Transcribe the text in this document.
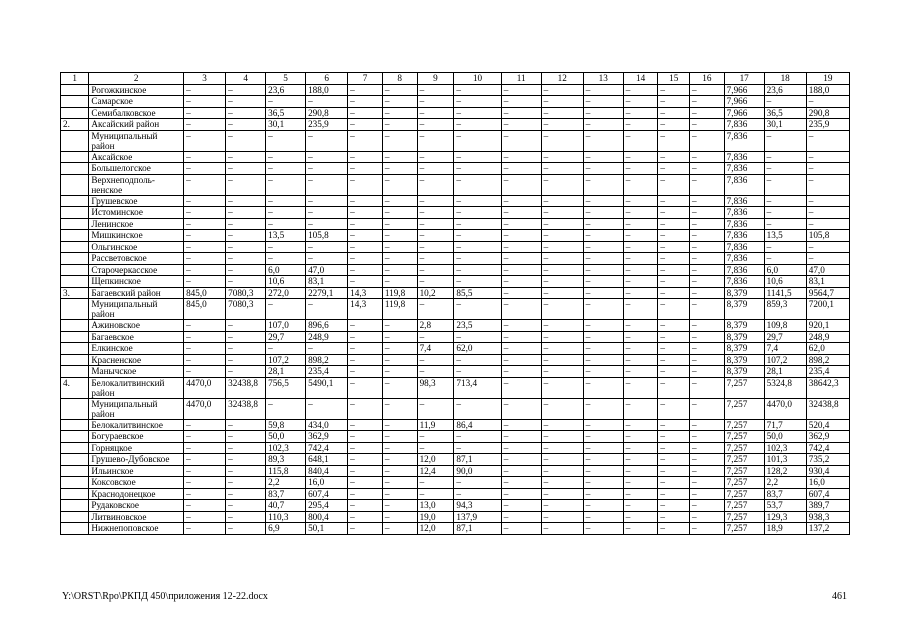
1	2	3	4	5	6	7	8	9	10	11	12	13	14	15	16	17	18	19
	Рогожкинское	–	–	23,6	188,0	–	–	–	–	–	–	–	–	–	–	7,966	23,6	188,0
	Самарское	–	–	–	–	–	–	–	–	–	–	–	–	–	–	7,966	–	–
	Семибалковское	–	–	36,5	290,8	–	–	–	–	–	–	–	–	–	–	7,966	36,5	290,8
2.	Аксайский район	–	–	30,1	235,9	–	–	–	–	–	–	–	–	–	–	7,836	30,1	235,9
	Муниципальный район	–	–	–	–	–	–	–	–	–	–	–	–	–	–	7,836	–	–
	Аксайское	–	–	–	–	–	–	–	–	–	–	–	–	–	–	7,836	–	–
	Большелогское	–	–	–	–	–	–	–	–	–	–	–	–	–	–	7,836	–	–
	Верхнеподполь-ненское	–	–	–	–	–	–	–	–	–	–	–	–	–	–	7,836	–	–
	Грушевское	–	–	–	–	–	–	–	–	–	–	–	–	–	–	7,836	–	–
	Истоминское	–	–	–	–	–	–	–	–	–	–	–	–	–	–	7,836	–	–
	Ленинское	–	–	–	–	–	–	–	–	–	–	–	–	–	–	7,836	–	–
	Мишкинское	–	–	13,5	105,8	–	–	–	–	–	–	–	–	–	–	7,836	13,5	105,8
	Ольгинское	–	–	–	–	–	–	–	–	–	–	–	–	–	–	7,836	–	–
	Рассветовское	–	–	–	–	–	–	–	–	–	–	–	–	–	–	7,836	–	–
	Старочеркасское	–	–	6,0	47,0	–	–	–	–	–	–	–	–	–	–	7,836	6,0	47,0
	Щепкинское	–	–	10,6	83,1	–	–	–	–	–	–	–	–	–	–	7,836	10,6	83,1
3.	Багаевский район	845,0	7080,3	272,0	2279,1	14,3	119,8	10,2	85,5	–	–	–	–	–	–	8,379	1141,5	9564,7
	Муниципальный район	845,0	7080,3	–	–	14,3	119,8	–	–	–	–	–	–	–	–	8,379	859,3	7200,1
	Ажиновское	–	–	107,0	896,6	–	–	2,8	23,5	–	–	–	–	–	–	8,379	109,8	920,1
	Багаевское	–	–	29,7	248,9	–	–	–	–	–	–	–	–	–	–	8,379	29,7	248,9
	Елкинское	–	–	–	–	–	–	7,4	62,0	–	–	–	–	–	–	8,379	7,4	62,0
	Красненское	–	–	107,2	898,2	–	–	–	–	–	–	–	–	–	–	8,379	107,2	898,2
	Манычское	–	–	28,1	235,4	–	–	–	–	–	–	–	–	–	–	8,379	28,1	235,4
4.	Белокалитвинский район	4470,0	32438,8	756,5	5490,1	–	–	98,3	713,4	–	–	–	–	–	–	7,257	5324,8	38642,3
	Муниципальный район	4470,0	32438,8	–	–	–	–	–	–	–	–	–	–	–	–	7,257	4470,0	32438,8
	Белокалитвинское	–	–	59,8	434,0	–	–	11,9	86,4	–	–	–	–	–	–	7,257	71,7	520,4
	Богураевское	–	–	50,0	362,9	–	–	–	–	–	–	–	–	–	–	7,257	50,0	362,9
	Горняцкое	–	–	102,3	742,4	–	–	–	–	–	–	–	–	–	–	7,257	102,3	742,4
	Грушево-Дубовское	–	–	89,3	648,1	–	–	12,0	87,1	–	–	–	–	–	–	7,257	101,3	735,2
	Ильинское	–	–	115,8	840,4	–	–	12,4	90,0	–	–	–	–	–	–	7,257	128,2	930,4
	Коксовское	–	–	2,2	16,0	–	–	–	–	–	–	–	–	–	–	7,257	2,2	16,0
	Краснодонецкое	–	–	83,7	607,4	–	–	–	–	–	–	–	–	–	–	7,257	83,7	607,4
	Рудаковское	–	–	40,7	295,4	–	–	13,0	94,3	–	–	–	–	–	–	7,257	53,7	389,7
	Литвиновское	–	–	110,3	800,4	–	–	19,0	137,9	–	–	–	–	–	–	7,257	129,3	938,3
	Нижнепоповское	–	–	6,9	50,1	–	–	12,0	87,1	–	–	–	–	–	–	7,257	18,9	137,2
Y:\ORST\Rpo\РКПД 450\приложения 12-22.docx	461
